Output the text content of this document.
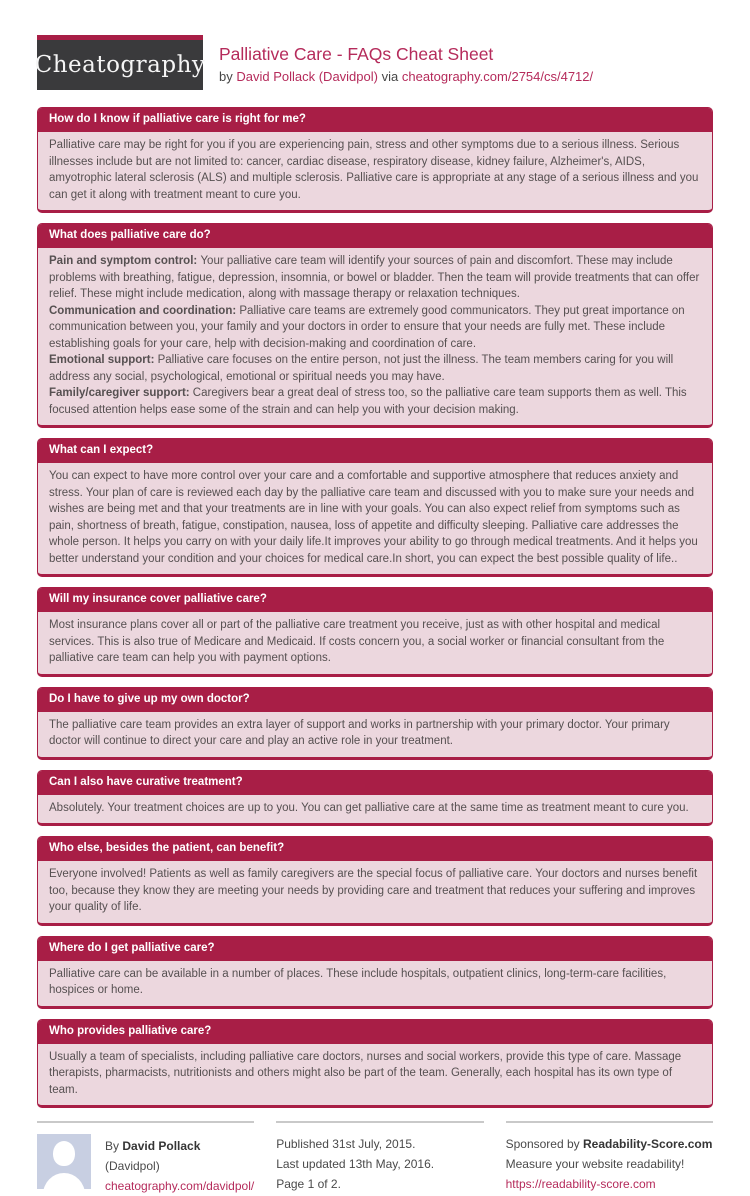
Cheatography Palliative Care - FAQs Cheat Sheet
by David Pollack (Davidpol) via cheatography.com/2754/cs/4712/
How do I know if palliative care is right for me?

Palliative care may be right for you if you are experiencing pain, stress and other symptoms due to a serious illness. Serious illnesses include but are not limited to: cancer, cardiac disease, respiratory disease, kidney failure, Alzheimer's, AIDS, amyotrophic lateral sclerosis (ALS) and multiple sclerosis. Palliative care is appropriate at any stage of a serious illness and you can get it along with treatment meant to cure you.

What does palliative care do?

Pain and symptom control: Your palliative care team will identify your sources of pain and discomfort. These may include problems with breathing, fatigue, depression, insomnia, or bowel or bladder. Then the team will provide treatments that can offer relief. These might include medication, along with massage therapy or relaxation techniques.

Communication and coordination: Palliative care teams are extremely good communicators. They put great importance on communication between you, your family and your doctors in order to ensure that your needs are fully met. These include establishing goals for your care, help with decision-making and coordination of care.

Emotional support: Palliative care focuses on the entire person, not just the illness. The team members caring for you will address any social, psychological, emotional or spiritual needs you may have.

Family/caregiver support: Caregivers bear a great deal of stress too, so the palliative care team supports them as well. This focused attention helps ease some of the strain and can help you with your decision making.

What can I expect?

You can expect to have more control over your care and a comfortable and supportive atmosphere that reduces anxiety and stress. Your plan of care is reviewed each day by the palliative care team and discussed with you to make sure your needs and wishes are being met and that your treatments are in line with your goals. You can also expect relief from symptoms such as pain, shortness of breath, fatigue, constipation, nausea, loss of appetite and difficulty sleeping. Palliative care addresses the whole person. It helps you carry on with your daily life.It improves your ability to go through medical treatments. And it helps you better understand your condition and your choices for medical care.In short, you can expect the best possible quality of life..

Will my insurance cover palliative care?

Most insurance plans cover all or part of the palliative care treatment you receive, just as with other hospital and medical services. This is also true of Medicare and Medicaid. If costs concern you, a social worker or financial consultant from the palliative care team can help you with payment options.

Do I have to give up my own doctor?

The palliative care team provides an extra layer of support and works in partnership with your primary doctor. Your primary doctor will continue to direct your care and play an active role in your treatment.

Can I also have curative treatment?

Absolutely. Your treatment choices are up to you. You can get palliative care at the same time as treatment meant to cure you.

Who else, besides the patient, can benefit?

Everyone involved! Patients as well as family caregivers are the special focus of palliative care. Your doctors and nurses benefit too, because they know they are meeting your needs by providing care and treatment that reduces your suffering and improves your quality of life.

Where do I get palliative care?

Palliative care can be available in a number of places. These include hospitals, outpatient clinics, long-term-care facilities, hospices or home.

Who provides palliative care?

Usually a team of specialists, including palliative care doctors, nurses and social workers, provide this type of care. Massage therapists, pharmacists, nutritionists and others might also be part of the team. Generally, each hospital has its own type of team.

By David Pollack (Davidpol)
cheatography.com/davidpol/
Published 31st July, 2015.
Last updated 13th May, 2016.
Page 1 of 2.
Sponsored by Readability-Score.com
Measure your website readability!
https://readability-score.com
